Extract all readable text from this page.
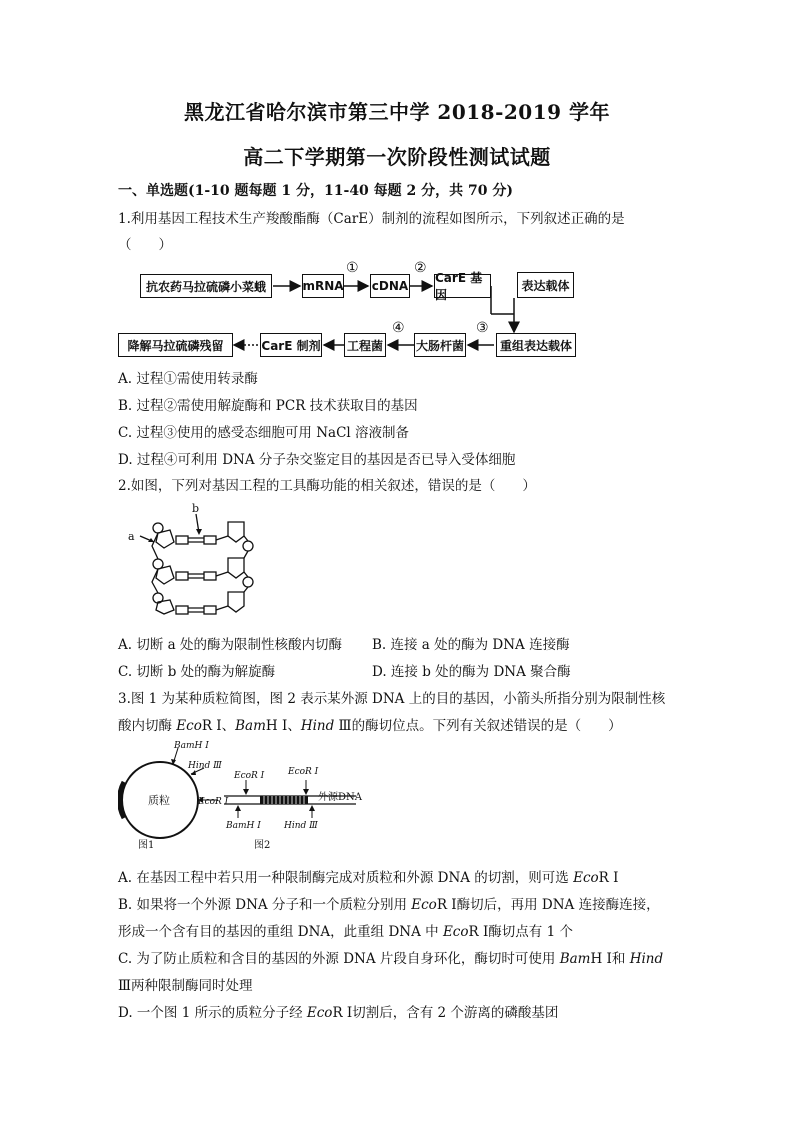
黑龙江省哈尔滨市第三中学 2018-2019 学年
高二下学期第一次阶段性测试试题
一、单选题(1-10 题每题 1 分，11-40 每题 2 分，共 70 分)
1.利用基因工程技术生产羧酸酯酶（CarE）制剂的流程如图所示，下列叙述正确的是
（　　）
抗农药马拉硫磷小菜蛾	mRNA cDNA
CarE 基因
表达载体
重组表达载体
大肠杆菌
工程菌
CarE 制剂
降解马拉硫磷残留
①	②
③
④
A. 过程①需使用转录酶
B. 过程②需使用解旋酶和 PCR 技术获取目的基因
C. 过程③使用的感受态细胞可用 NaCl 溶液制备
D. 过程④可利用 DNA 分子杂交鉴定目的基因是否已导入受体细胞
2.如图，下列对基因工程的工具酶功能的相关叙述，错误的是（　　）
a
b
A. 切断 a 处的酶为限制性核酸内切酶 B. 连接 a 处的酶为 DNA 连接酶
C. 切断 b 处的酶为解旋酶	D. 连接 b 处的酶为 DNA 聚合酶
3.图 1 为某种质粒简图，图 2 表示某外源 DNA 上的目的基因，小箭头所指分别为限制性核
酸内切酶 EcoR Ⅰ、BamH Ⅰ、Hind Ⅲ的酶切位点。下列有关叙述错误的是（　　）
质粒
BamH Ⅰ
Hind Ⅲ
EcoR Ⅰ
EcoR Ⅰ	EcoR Ⅰ
BamH Ⅰ	Hind Ⅲ
外源DNA
图1	图2
A. 在基因工程中若只用一种限制酶完成对质粒和外源 DNA 的切割，则可选 EcoR Ⅰ
B. 如果将一个外源 DNA 分子和一个质粒分别用 EcoR Ⅰ酶切后，再用 DNA 连接酶连接，
形成一个含有目的基因的重组 DNA，此重组 DNA 中 EcoR Ⅰ酶切点有 1 个
C. 为了防止质粒和含目的基因的外源 DNA 片段自身环化，酶切时可使用 BamH Ⅰ和 Hind
Ⅲ两种限制酶同时处理
D. 一个图 1 所示的质粒分子经 EcoR Ⅰ切割后，含有 2 个游离的磷酸基团
